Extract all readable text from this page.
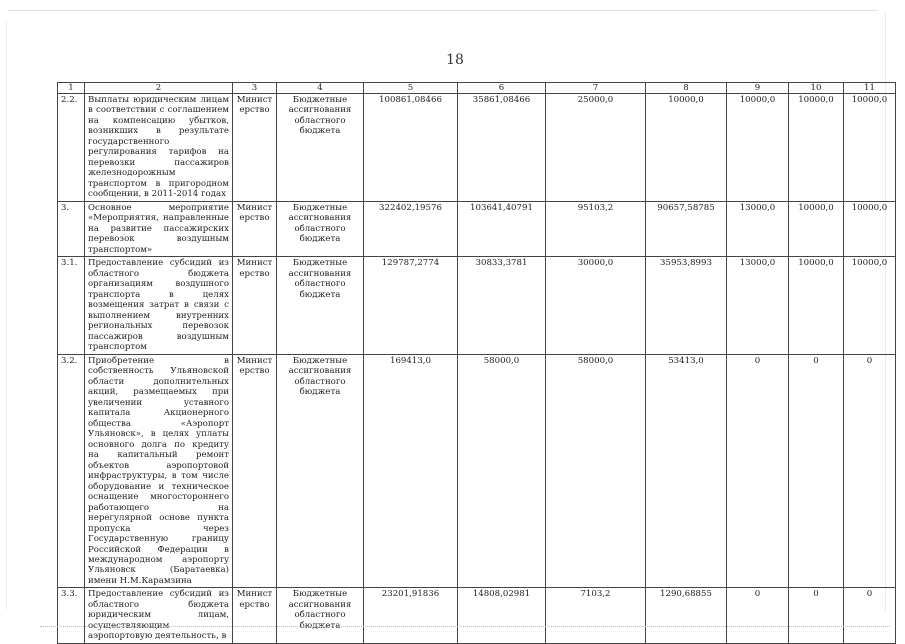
18
1	2	3	4	5	6	7	8	9	10	11
2.2.	Выплаты юридическим лицам в соответствии с соглашением на компенсацию убытков, возникших в результате государственного регулирования тарифов на перевозки пассажиров железнодорожным транспортом в пригородном сообщении, в 2011-2014 годах	Министерство	Бюджетные ассигнования областного бюджета	100861,08466	35861,08466	25000,0	10000,0	10000,0	10000,0	10000,0
3.	Основное мероприятие «Мероприятия, направленные на развитие пассажирских перевозок воздушным транспортом»	Министерство	Бюджетные ассигнования областного бюджета	322402,19576	103641,40791	95103,2	90657,58785	13000,0	10000,0	10000,0
3.1.	Предоставление субсидий из областного бюджета организациям воздушного транспорта в целях возмещения затрат в связи с выполнением внутренних региональных перевозок пассажиров воздушным транспортом	Министерство	Бюджетные ассигнования областного бюджета	129787,2774	30833,3781	30000,0	35953,8993	13000,0	10000,0	10000,0
3.2.	Приобретение в собственность Ульяновской области дополнительных акций, размещаемых при увеличении уставного капитала Акционерного общества «Аэропорт Ульяновск», в целях уплаты основного долга по кредиту на капитальный ремонт объектов аэропортовой инфраструктуры, в том числе оборудование и техническое оснащение многостороннего работающего на нерегулярной основе пункта пропуска через Государственную границу Российской Федерации в международном аэропорту Ульяновск (Баратаевка) имени Н.М.Карамзина	Министерство	Бюджетные ассигнования областного бюджета	169413,0	58000,0	58000,0	53413,0	0	0	0
3.3.	Предоставление субсидий из областного бюджета юридическим лицам, осуществляющим аэропортовую деятельность, в	Министерство	Бюджетные ассигнования областного бюджета	23201,91836	14808,02981	7103,2	1290,68855	0	0	0
